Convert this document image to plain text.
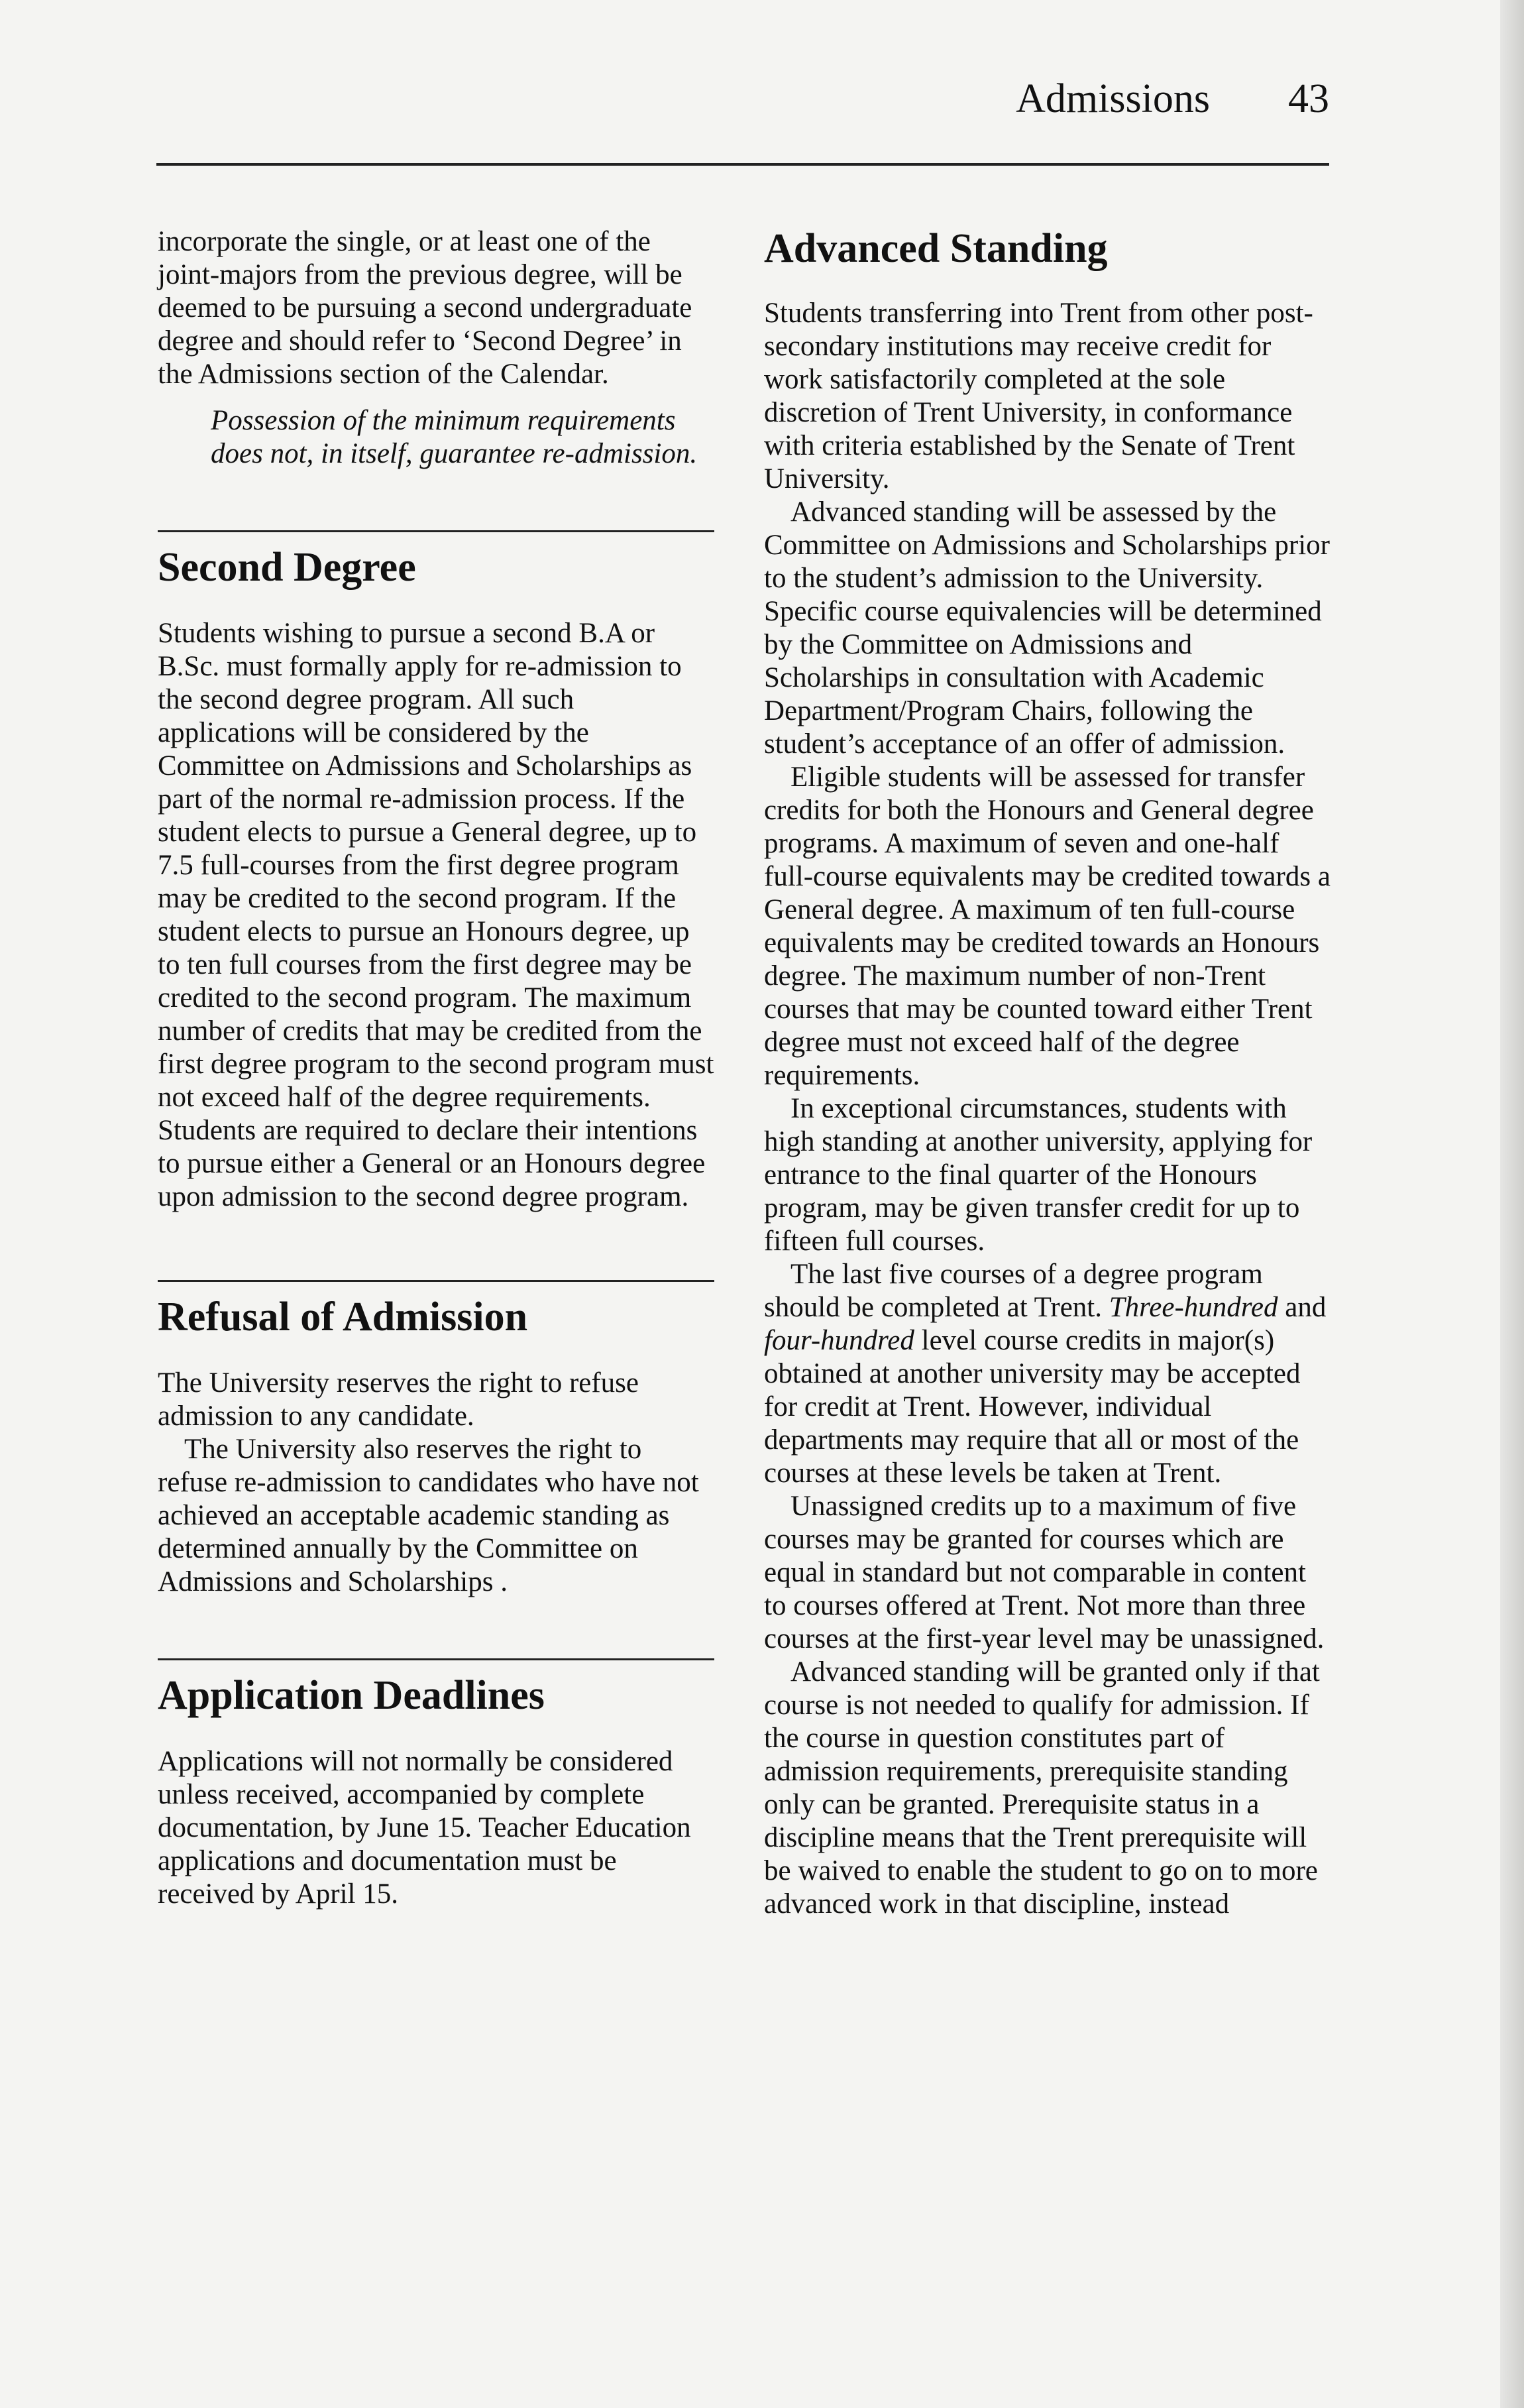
Admissions 43

incorporate the single, or at least one of the joint-majors from the previous degree, will be deemed to be pursuing a second undergraduate degree and should refer to ‘Second Degree’ in the Admissions section of the Calendar.

Possession of the minimum requirements does not, in itself, guarantee re-admission.

Second Degree

Students wishing to pursue a second B.A or B.Sc. must formally apply for re-admission to the second degree program. All such applications will be considered by the Committee on Admissions and Scholarships as part of the normal re-admission process. If the student elects to pursue a General degree, up to 7.5 full-courses from the first degree program may be credited to the second program. If the student elects to pursue an Honours degree, up to ten full courses from the first degree may be credited to the second program. The maximum number of credits that may be credited from the first degree program to the second program must not exceed half of the degree requirements. Students are required to declare their intentions to pursue either a General or an Honours degree upon admission to the second degree program.

Refusal of Admission

The University reserves the right to refuse admission to any candidate.

The University also reserves the right to refuse re-admission to candidates who have not achieved an acceptable academic standing as determined annually by the Committee on Admissions and Scholarships .

Application Deadlines

Applications will not normally be considered unless received, accompanied by complete documentation, by June 15. Teacher Education applications and documentation must be received by April 15.

Advanced Standing

Students transferring into Trent from other post-secondary institutions may receive credit for work satisfactorily completed at the sole discretion of Trent University, in conformance with criteria established by the Senate of Trent University.

Advanced standing will be assessed by the Committee on Admissions and Scholarships prior to the student’s admission to the University. Specific course equivalencies will be determined by the Committee on Admissions and Scholarships in consultation with Academic Department/Program Chairs, following the student’s acceptance of an offer of admission.

Eligible students will be assessed for transfer credits for both the Honours and General degree programs. A maximum of seven and one-half full-course equivalents may be credited towards a General degree. A maximum of ten full-course equivalents may be credited towards an Honours degree. The maximum number of non-Trent courses that may be counted toward either Trent degree must not exceed half of the degree requirements.

In exceptional circumstances, students with high standing at another university, applying for entrance to the final quarter of the Honours program, may be given transfer credit for up to fifteen full courses.

The last five courses of a degree program should be completed at Trent. Three-hundred and four-hundred level course credits in major(s) obtained at another university may be accepted for credit at Trent. However, individual departments may require that all or most of the courses at these levels be taken at Trent.

Unassigned credits up to a maximum of five courses may be granted for courses which are equal in standard but not comparable in content to courses offered at Trent. Not more than three courses at the first-year level may be unassigned.

Advanced standing will be granted only if that course is not needed to qualify for admission. If the course in question constitutes part of admission requirements, prerequisite standing only can be granted. Prerequisite status in a discipline means that the Trent prerequisite will be waived to enable the student to go on to more advanced work in that discipline, instead
